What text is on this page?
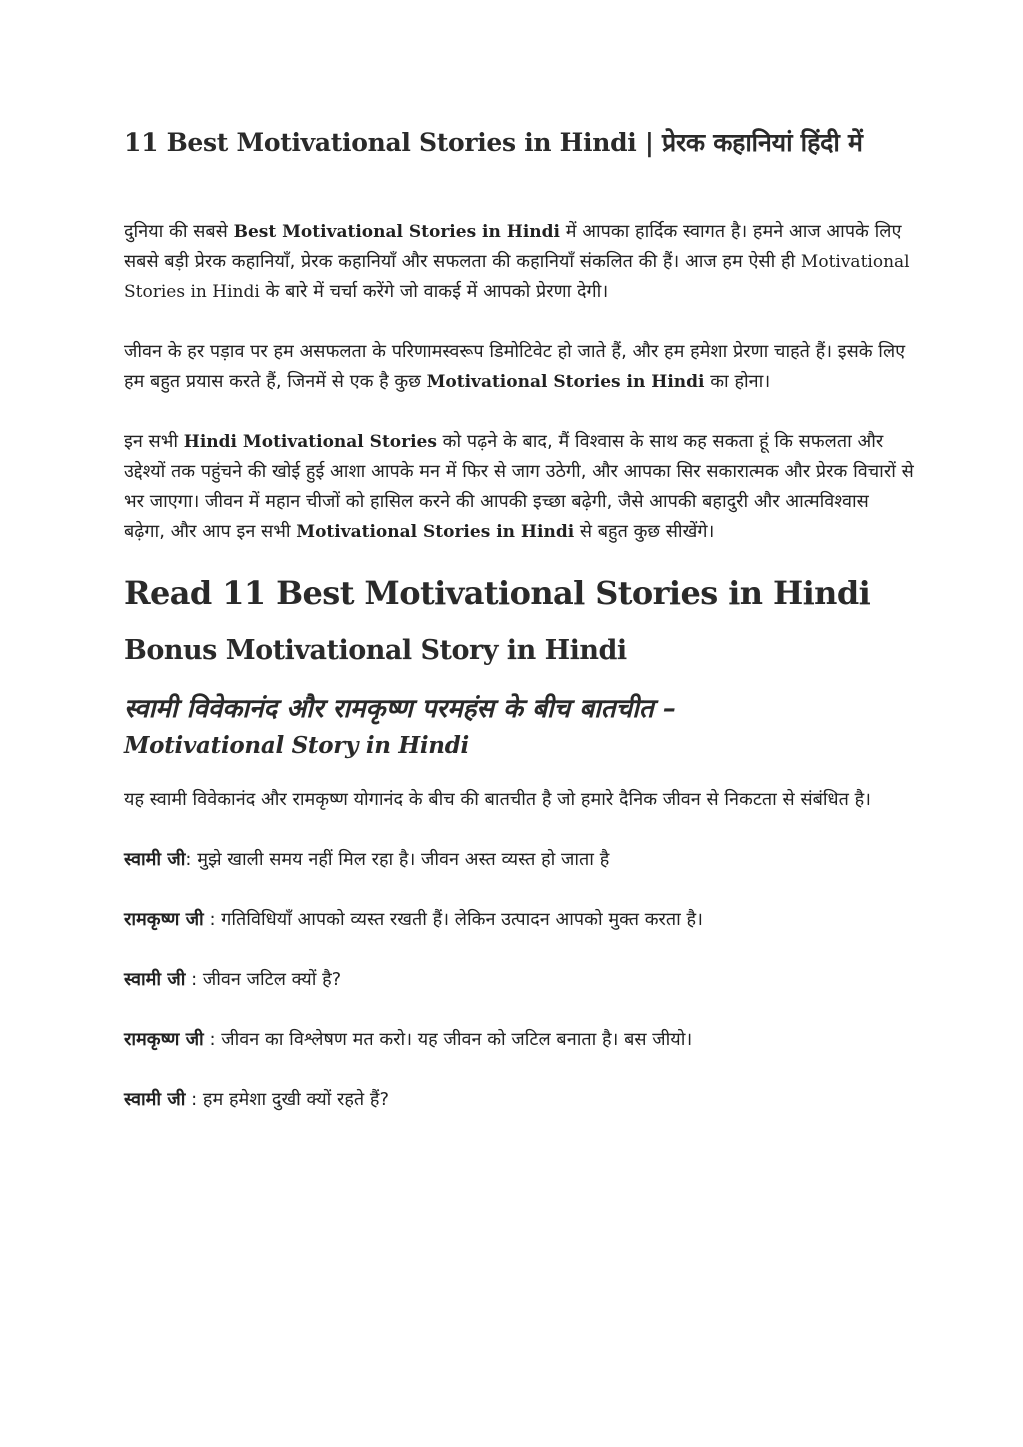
11 Best Motivational Stories in Hindi | प्रेरक कहानियां हिंदी में

दुनिया की सबसे Best Motivational Stories in Hindi में आपका हार्दिक स्वागत है। हमने आज आपके लिए सबसे बड़ी प्रेरक कहानियाँ, प्रेरक कहानियाँ और सफलता की कहानियाँ संकलित की हैं। आज हम ऐसी ही Motivational Stories in Hindi के बारे में चर्चा करेंगे जो वाकई में आपको प्रेरणा देगी।

जीवन के हर पड़ाव पर हम असफलता के परिणामस्वरूप डिमोटिवेट हो जाते हैं, और हम हमेशा प्रेरणा चाहते हैं। इसके लिए हम बहुत प्रयास करते हैं, जिनमें से एक है कुछ Motivational Stories in Hindi का होना।

इन सभी Hindi Motivational Stories को पढ़ने के बाद, मैं विश्वास के साथ कह सकता हूं कि सफलता और उद्देश्यों तक पहुंचने की खोई हुई आशा आपके मन में फिर से जाग उठेगी, और आपका सिर सकारात्मक और प्रेरक विचारों से भर जाएगा। जीवन में महान चीजों को हासिल करने की आपकी इच्छा बढ़ेगी, जैसे आपकी बहादुरी और आत्मविश्वास बढ़ेगा, और आप इन सभी Motivational Stories in Hindi से बहुत कुछ सीखेंगे।

Read 11 Best Motivational Stories in Hindi
Bonus Motivational Story in Hindi
स्वामी विवेकानंद और रामकृष्ण परमहंस के बीच बातचीत –
Motivational Story in Hindi

यह स्वामी विवेकानंद और रामकृष्ण योगानंद के बीच की बातचीत है जो हमारे दैनिक जीवन से निकटता से संबंधित है।

स्वामी जी: मुझे खाली समय नहीं मिल रहा है। जीवन अस्त व्यस्त हो जाता है

रामकृष्ण जी : गतिविधियाँ आपको व्यस्त रखती हैं। लेकिन उत्पादन आपको मुक्त करता है।

स्वामी जी : जीवन जटिल क्यों है?

रामकृष्ण जी : जीवन का विश्लेषण मत करो। यह जीवन को जटिल बनाता है। बस जीयो।

स्वामी जी : हम हमेशा दुखी क्यों रहते हैं?
